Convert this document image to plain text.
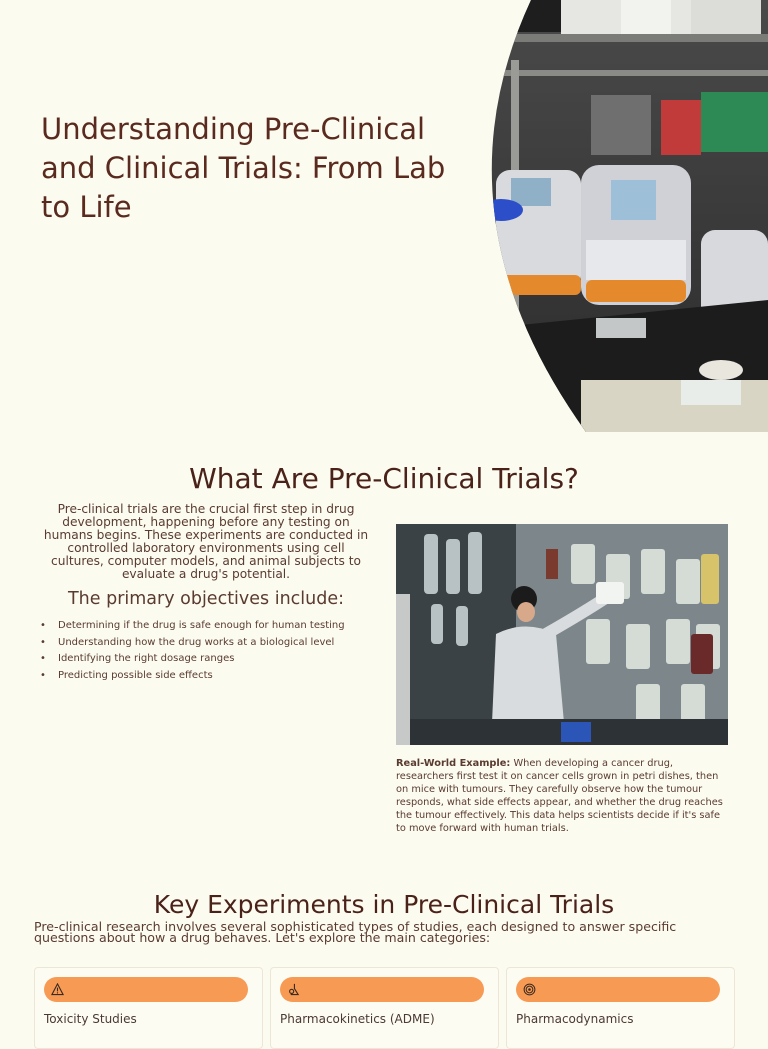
Understanding Pre-Clinical and Clinical Trials: From Lab to Life
What Are Pre-Clinical Trials?

Pre-clinical trials are the crucial first step in drug development, happening before any testing on humans begins. These experiments are conducted in controlled laboratory environments using cell cultures, computer models, and animal subjects to evaluate a drug's potential.

The primary objectives include:
• Determining if the drug is safe enough for human testing
• Understanding how the drug works at a biological level
• Identifying the right dosage ranges
• Predicting possible side effects

Real-World Example: When developing a cancer drug, researchers first test it on cancer cells grown in petri dishes, then on mice with tumours. They carefully observe how the tumour responds, what side effects appear, and whether the drug reaches the tumour effectively. This data helps scientists decide if it's safe to move forward with human trials.

Key Experiments in Pre-Clinical Trials

Pre-clinical research involves several sophisticated types of studies, each designed to answer specific questions about how a drug behaves. Let's explore the main categories:

Toxicity Studies	Pharmacokinetics (ADME)	Pharmacodynamics
